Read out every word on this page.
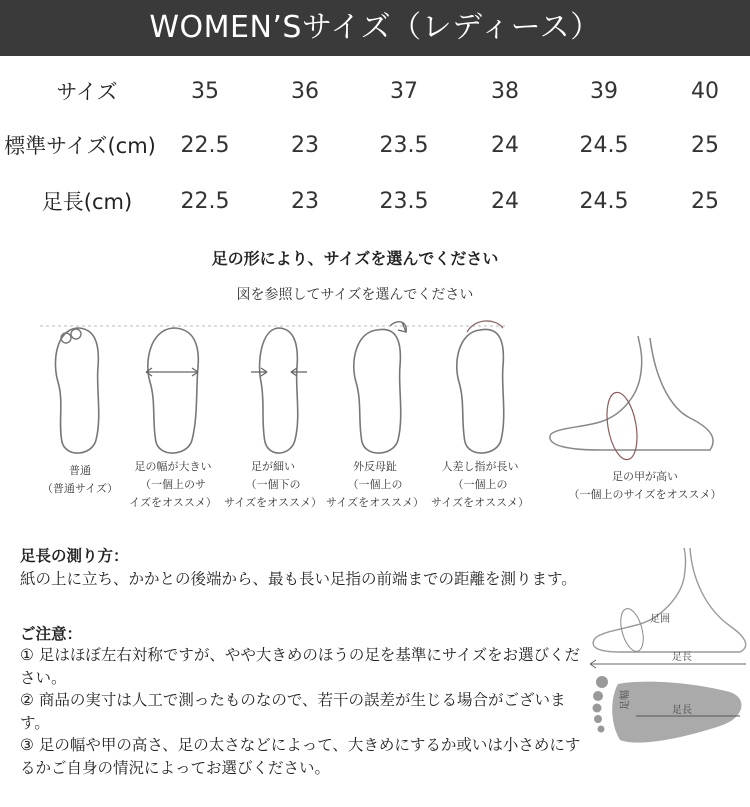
WOMEN’Sサイズ（レディース）
サイズ	35	36	37	38	39	40
標準サイズ(cm)	22.5	23	23.5	24	24.5	25
足長(cm)	22.5	23	23.5	24	24.5	25
足の形により、サイズを選んでください
図を参照してサイズを選んでください
普通
（普通サイズ）
足の幅が大きい
（一個上のサ
イズをオススメ）
足が細い
（一個下の
サイズをオススメ）
外反母趾
（一個上の
サイズをオススメ）
人差し指が長い
（一個上の
サイズをオススメ）
足の甲が高い
（一個上のサイズをオススメ）
足囲
足長
足幅
足長
足長の測り方：
紙の上に立ち、かかとの後端から、最も長い足指の前端までの距離を測ります。
ご注意：
① 足はほぼ左右対称ですが、やや大きめのほうの足を基準にサイズをお選びください。
② 商品の実寸は人工で測ったものなので、若干の誤差が生じる場合がございます。
③ 足の幅や甲の高さ、足の太さなどによって、大きめにするか或いは小さめにするかご自身の情況によってお選びください。
